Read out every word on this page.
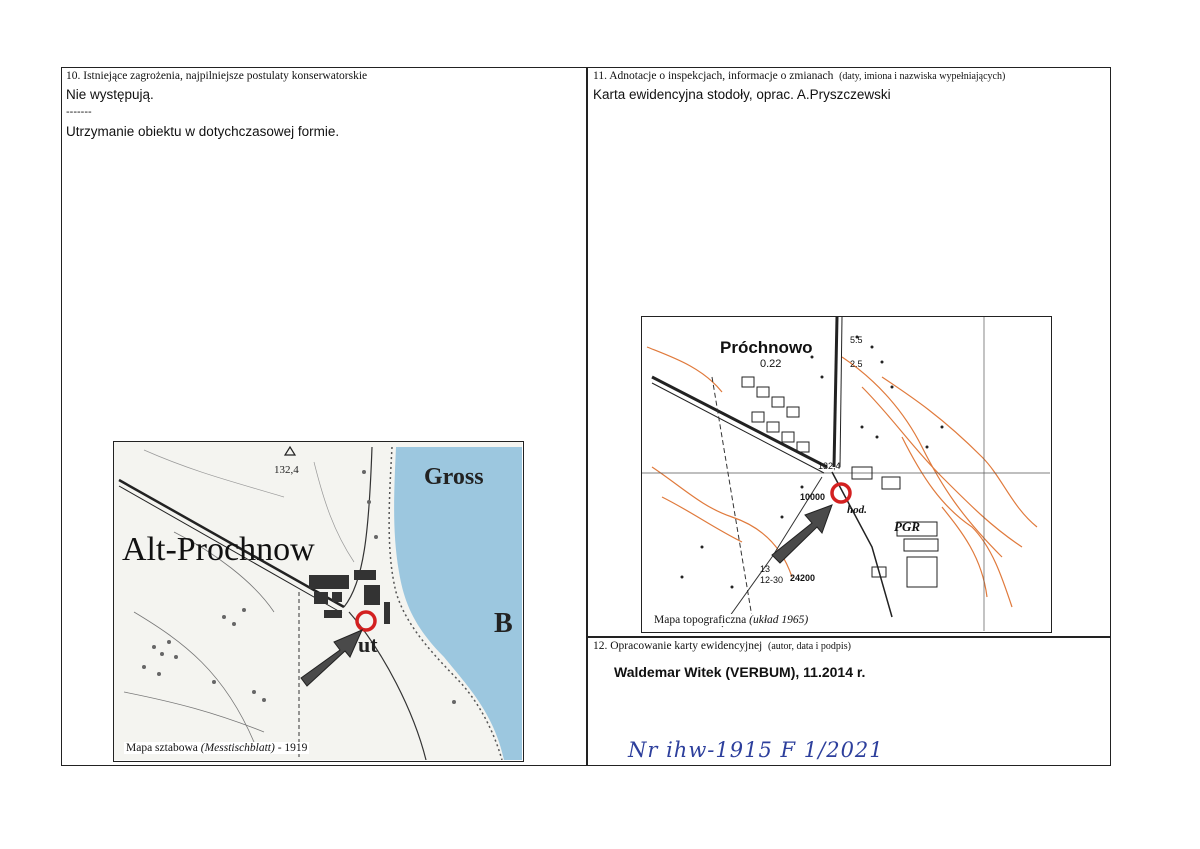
10. Istniejące zagrożenia, najpilniejsze postulaty konserwatorskie
Nie występują.
-------
Utrzymanie obiektu w dotychczasowej formie.
11. Adnotacje o inspekcjach, informacje o zmianach (daty, imiona i nazwiska wypełniających)
Karta ewidencyjna stodoły, oprac. A.Pryszczewski
12. Opracowanie karty ewidencyjnej (autor, data i podpis)
Waldemar Witek (VERBUM), 11.2014 r.
Nr ihw-1915 F 1/2021
132,4	Gross
Alt-Prochnow
ut
B
Mapa sztabowa (Messtischblatt) - 1919
Próchnowo
0.22
5.5
2.5
132,4
10000
hod.
PGR
13
12-30 24200
Mapa topograficzna (układ 1965)
